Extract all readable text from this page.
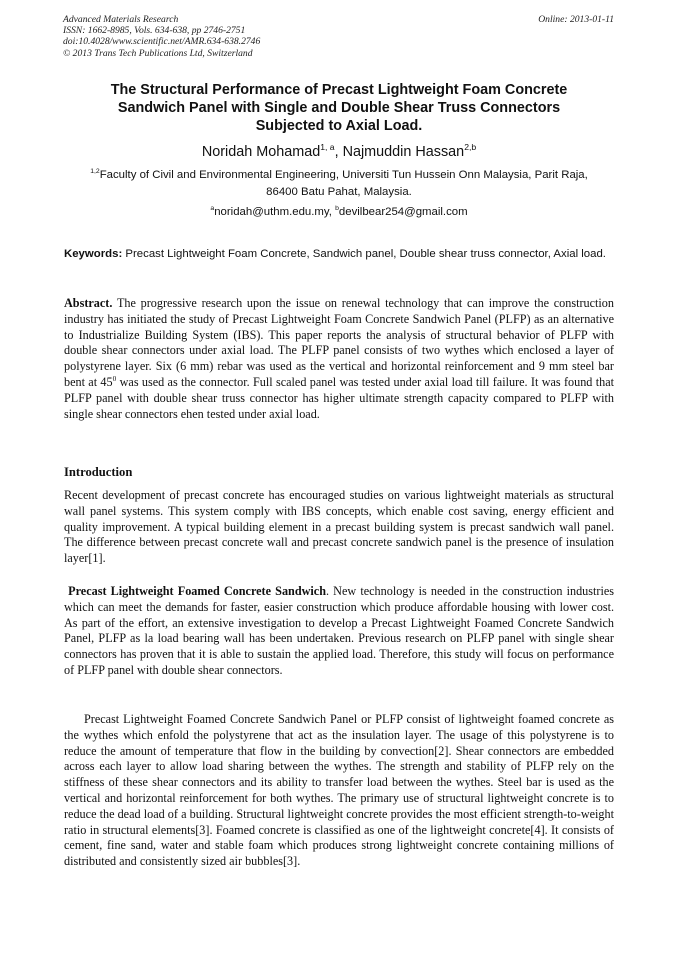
Advanced Materials Research
ISSN: 1662-8985, Vols. 634-638, pp 2746-2751
doi:10.4028/www.scientific.net/AMR.634-638.2746
© 2013 Trans Tech Publications Ltd, Switzerland
Online: 2013-01-11
The Structural Performance of Precast Lightweight Foam Concrete
Sandwich Panel with Single and Double Shear Truss Connectors
Subjected to Axial Load.
Noridah Mohamad$^{1, a}$, Najmuddin Hassan$^{2,b}$
$^{1,2}$Faculty of Civil and Environmental Engineering, Universiti Tun Hussein Onn Malaysia, Parit Raja,
86400 Batu Pahat, Malaysia.
$^a$noridah@uthm.edu.my, $^b$devilbear254@gmail.com
Keywords: Precast Lightweight Foam Concrete, Sandwich panel, Double shear truss connector, Axial load.
Abstract. The progressive research upon the issue on renewal technology that can improve the construction industry has initiated the study of Precast Lightweight Foam Concrete Sandwich Panel (PLFP) as an alternative to Industrialize Building System (IBS). This paper reports the analysis of structural behavior of PLFP with double shear connectors under axial load. The PLFP panel consists of two wythes which enclosed a layer of polystyrene layer. Six (6 mm) rebar was used as the vertical and horizontal reinforcement and 9 mm steel bar bent at $45^0$ was used as the connector. Full scaled panel was tested under axial load till failure. It was found that PLFP panel with double shear truss connector has higher ultimate strength capacity compared to PLFP with single shear connectors ehen tested under axial load.
Introduction
Recent development of precast concrete has encouraged studies on various lightweight materials as structural wall panel systems. This system comply with IBS concepts, which enable cost saving, energy efficient and quality improvement. A typical building element in a precast building system is precast sandwich wall panel. The difference between precast concrete wall and precast concrete sandwich panel is the presence of insulation layer[1].
Precast Lightweight Foamed Concrete Sandwich. New technology is needed in the construction industries which can meet the demands for faster, easier construction which produce affordable housing with lower cost. As part of the effort, an extensive investigation to develop a Precast Lightweight Foamed Concrete Sandwich Panel, PLFP as la load bearing wall has been undertaken. Previous research on PLFP panel with single shear connectors has proven that it is able to sustain the applied load. Therefore, this study will focus on performance of PLFP panel with double shear connectors.
Precast Lightweight Foamed Concrete Sandwich Panel or PLFP consist of lightweight foamed concrete as the wythes which enfold the polystyrene that act as the insulation layer. The usage of this polystyrene is to reduce the amount of temperature that flow in the building by convection[2]. Shear connectors are embedded across each layer to allow load sharing between the wythes. The strength and stability of PLFP rely on the stiffness of these shear connectors and its ability to transfer load between the wythes. Steel bar is used as the vertical and horizontal reinforcement for both wythes. The primary use of structural lightweight concrete is to reduce the dead load of a building. Structural lightweight concrete provides the most efficient strength-to-weight ratio in structural elements[3]. Foamed concrete is classified as one of the lightweight concrete[4]. It consists of cement, fine sand, water and stable foam which produces strong lightweight concrete containing millions of distributed and consistently sized air bubbles[3].
